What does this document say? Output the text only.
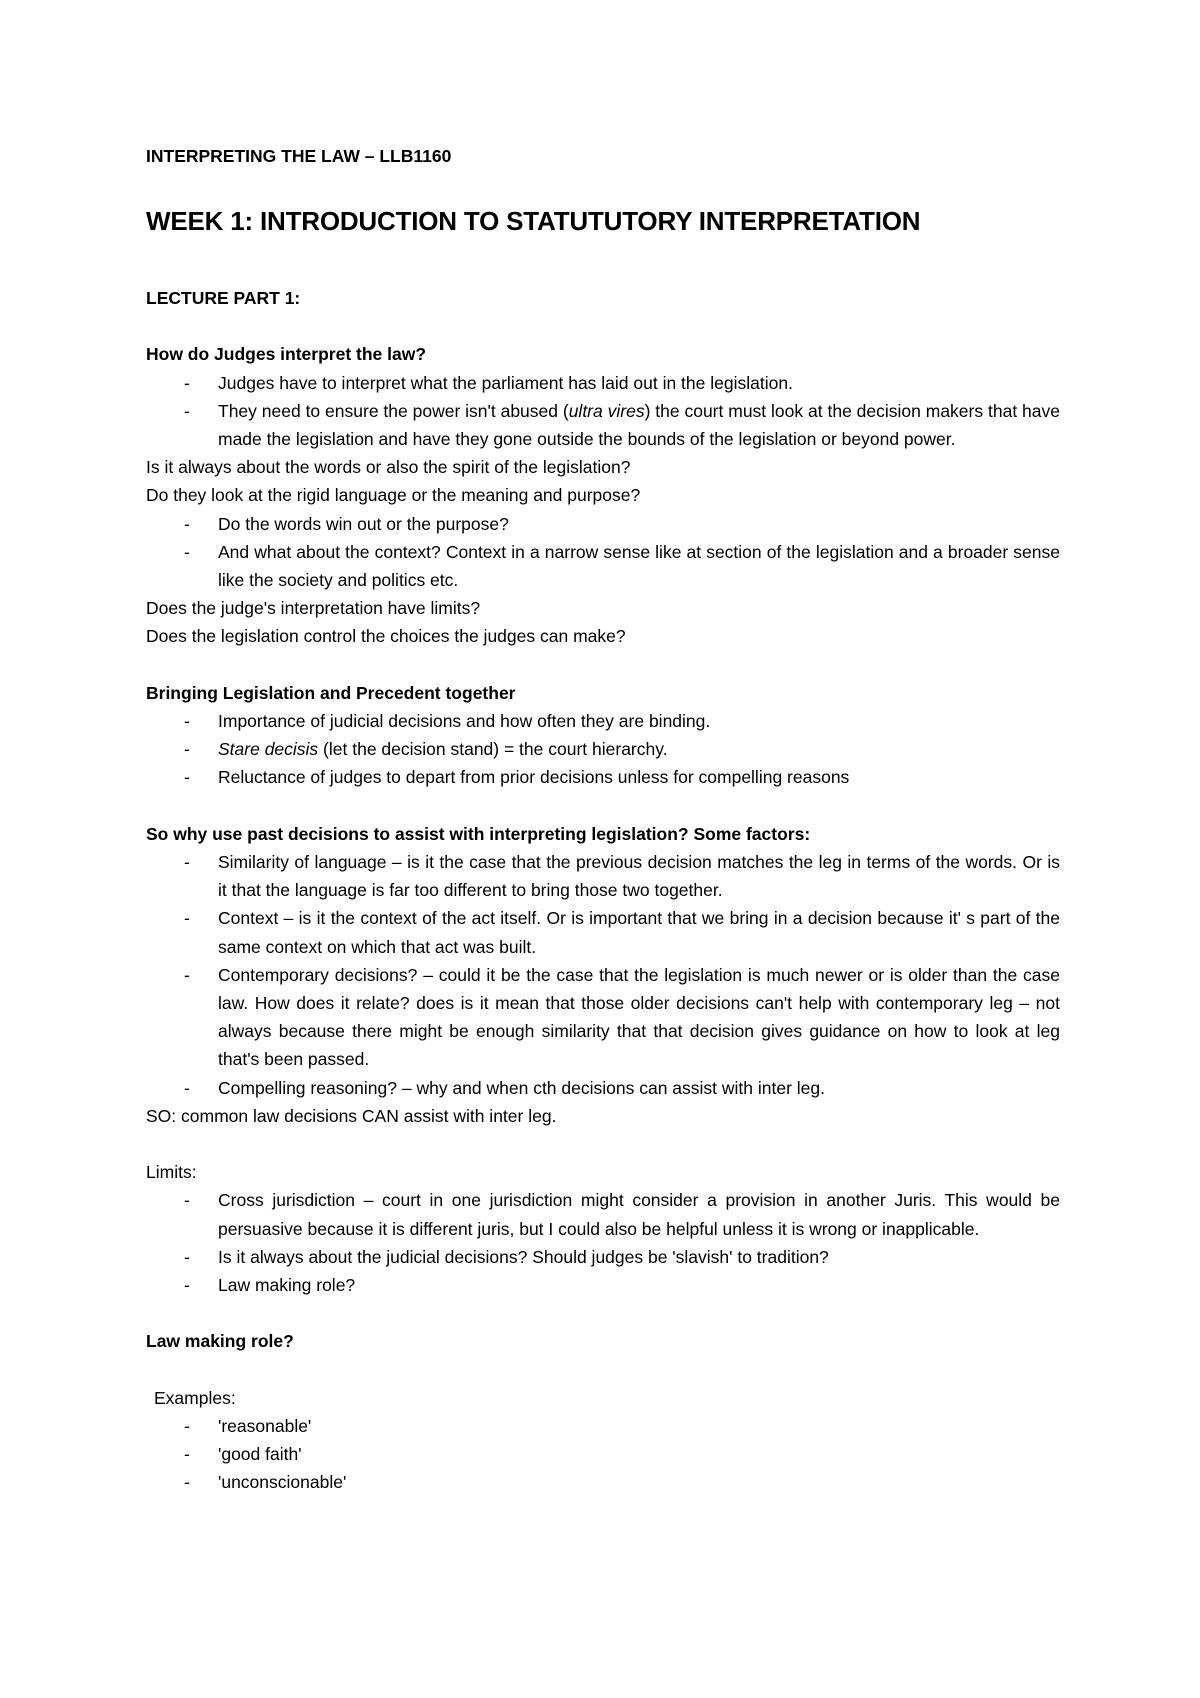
INTERPRETING THE LAW – LLB1160
WEEK 1: INTRODUCTION TO STATUTUTORY INTERPRETATION

LECTURE PART 1:

How do Judges interpret the law?

- Judges have to interpret what the parliament has laid out in the legislation.
- They need to ensure the power isn't abused (ultra vires) the court must look at the decision makers that have made the legislation and have they gone outside the bounds of the legislation or beyond power.

Is it always about the words or also the spirit of the legislation?

Do they look at the rigid language or the meaning and purpose?

- Do the words win out or the purpose?
- And what about the context? Context in a narrow sense like at section of the legislation and a broader sense like the society and politics etc.

Does the judge's interpretation have limits?

Does the legislation control the choices the judges can make?

Bringing Legislation and Precedent together

- Importance of judicial decisions and how often they are binding.
- Stare decisis (let the decision stand) = the court hierarchy.
- Reluctance of judges to depart from prior decisions unless for compelling reasons

So why use past decisions to assist with interpreting legislation? Some factors:

- Similarity of language – is it the case that the previous decision matches the leg in terms of the words. Or is it that the language is far too different to bring those two together.
- Context – is it the context of the act itself. Or is important that we bring in a decision because it' s part of the same context on which that act was built.
- Contemporary decisions? – could it be the case that the legislation is much newer or is older than the case law. How does it relate? does is it mean that those older decisions can't help with contemporary leg – not always because there might be enough similarity that that decision gives guidance on how to look at leg that's been passed.
- Compelling reasoning? – why and when cth decisions can assist with inter leg.

SO: common law decisions CAN assist with inter leg.

Limits:

- Cross jurisdiction – court in one jurisdiction might consider a provision in another Juris. This would be persuasive because it is different juris, but I could also be helpful unless it is wrong or inapplicable.
- Is it always about the judicial decisions? Should judges be 'slavish' to tradition?
- Law making role?

Law making role?

Examples:

- 'reasonable'
- 'good faith'
- 'unconscionable'
